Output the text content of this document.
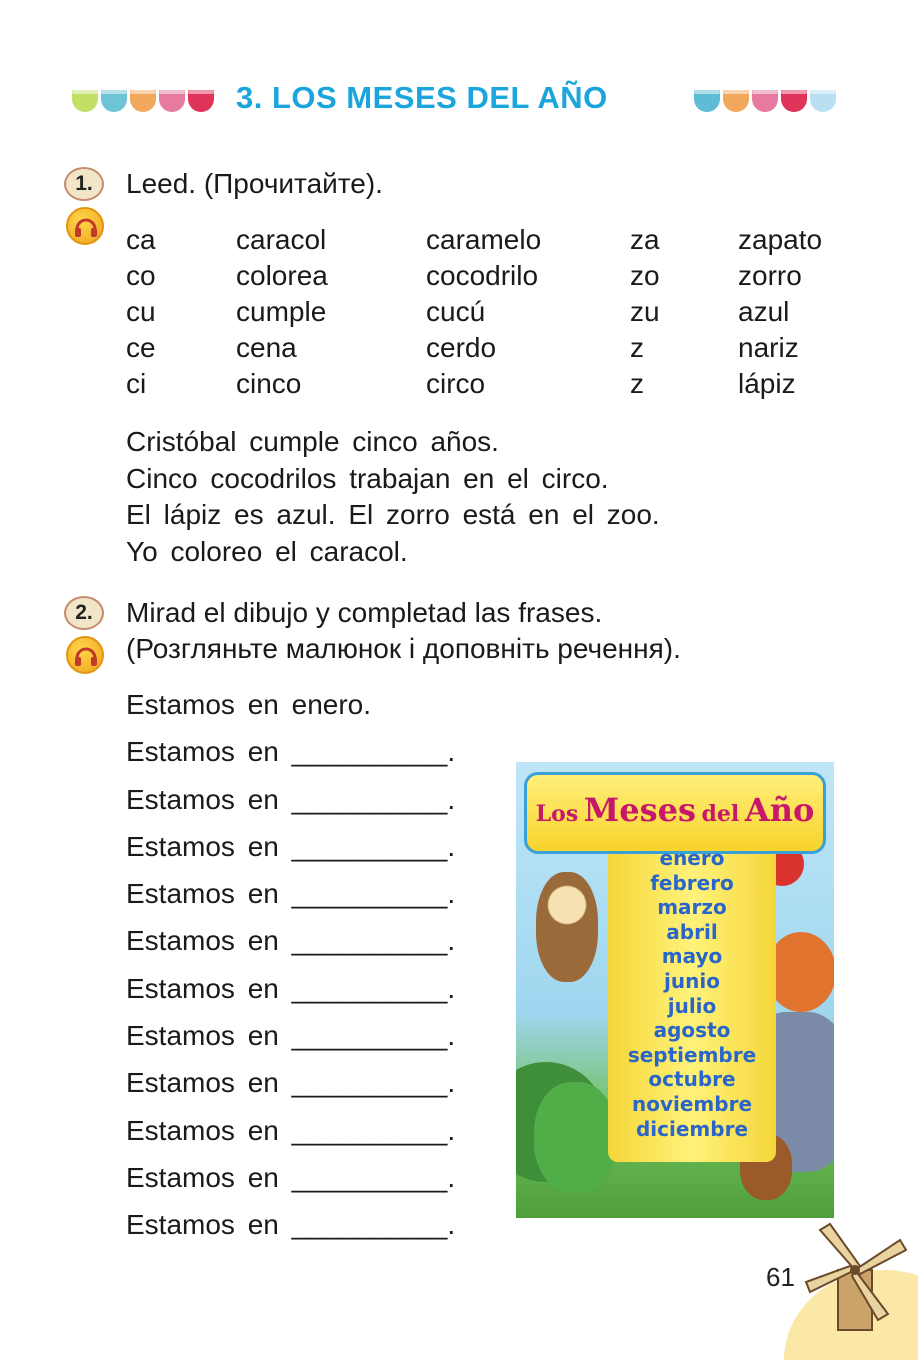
3. LOS MESES DEL AÑO
1.	Leed. (Прочитайте).
ca	caracol	caramelo	za	zapato
co	colorea	cocodrilo	zo	zorro
cu	cumple	cucú	zu	azul
ce	cena	cerdo	z	nariz
ci	cinco	circo	z	lápiz
Cristóbal cumple cinco años.
Cinco cocodrilos trabajan en el circo.
El lápiz es azul. El zorro está en el zoo.
Yo coloreo el caracol.
2.	Mirad el dibujo y completad las frases.
(Розгляньте малюнок і доповніть речення).
Estamos en enero.
Estamos en __________.
Estamos en __________.
Estamos en __________.
Estamos en __________.
Estamos en __________.
Estamos en __________.
Estamos en __________.
Estamos en __________.
Estamos en __________.
Estamos en __________.
Estamos en __________.
Los Meses del Año
enero
febrero
marzo
abril
mayo
junio
julio
agosto
septiembre
octubre
noviembre
diciembre
61
